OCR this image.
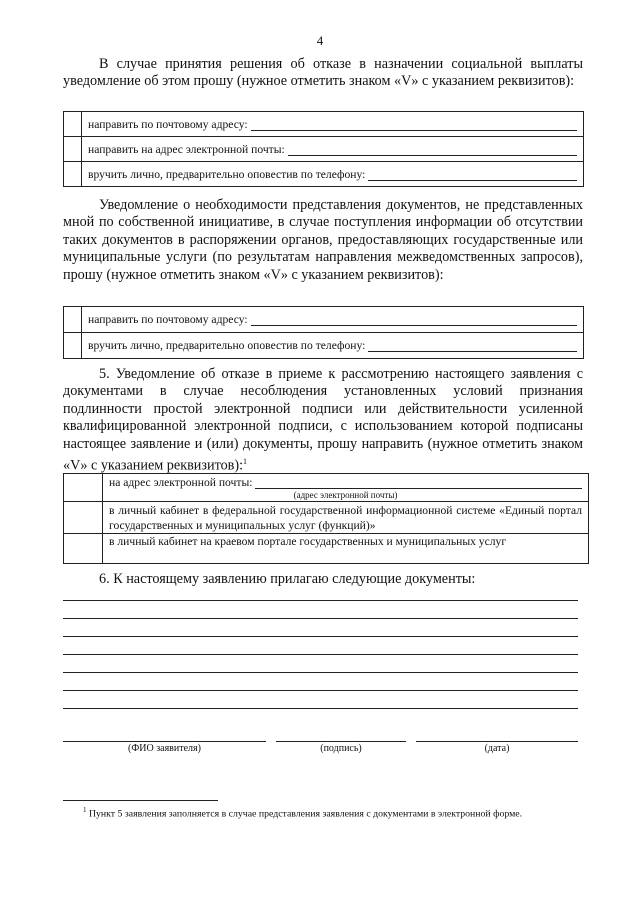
4

В случае принятия решения об отказе в назначении социальной выплаты уведомление об этом прошу (нужное отметить знаком «V» с указанием реквизитов):

	направить по почтовому адресу:

	направить на адрес электронной почты:

	вручить лично, предварительно оповестив по телефону:

Уведомление о необходимости представления документов, не представленных мной по собственной инициативе, в случае поступления информации об отсутствии таких документов в распоряжении органов, предоставляющих государственные или муниципальные услуги (по результатам направления межведомственных запросов), прошу (нужное отметить знаком «V» с указанием реквизитов):

	направить по почтовому адресу:

	вручить лично, предварительно оповестив по телефону:

5. Уведомление об отказе в приеме к рассмотрению настоящего заявления с документами в случае несоблюдения установленных условий признания подлинности простой электронной подписи или действительности усиленной квалифицированной электронной подписи, с использованием которой подписаны настоящее заявление и (или) документы, прошу направить (нужное отметить знаком «V» с указанием реквизитов):$^1$

	на адрес электронной почты:
(адрес электронной почты)

	в личный кабинет в федеральной государственной информационной системе «Единый портал государственных и муниципальных услуг (функций)»
	в личный кабинет на краевом портале государственных и муниципальных услуг

6. К настоящему заявлению прилагаю следующие документы:

(ФИО заявителя)	(подпись)	(дата)

$^1$ Пункт 5 заявления заполняется в случае представления заявления с документами в электронной форме.
